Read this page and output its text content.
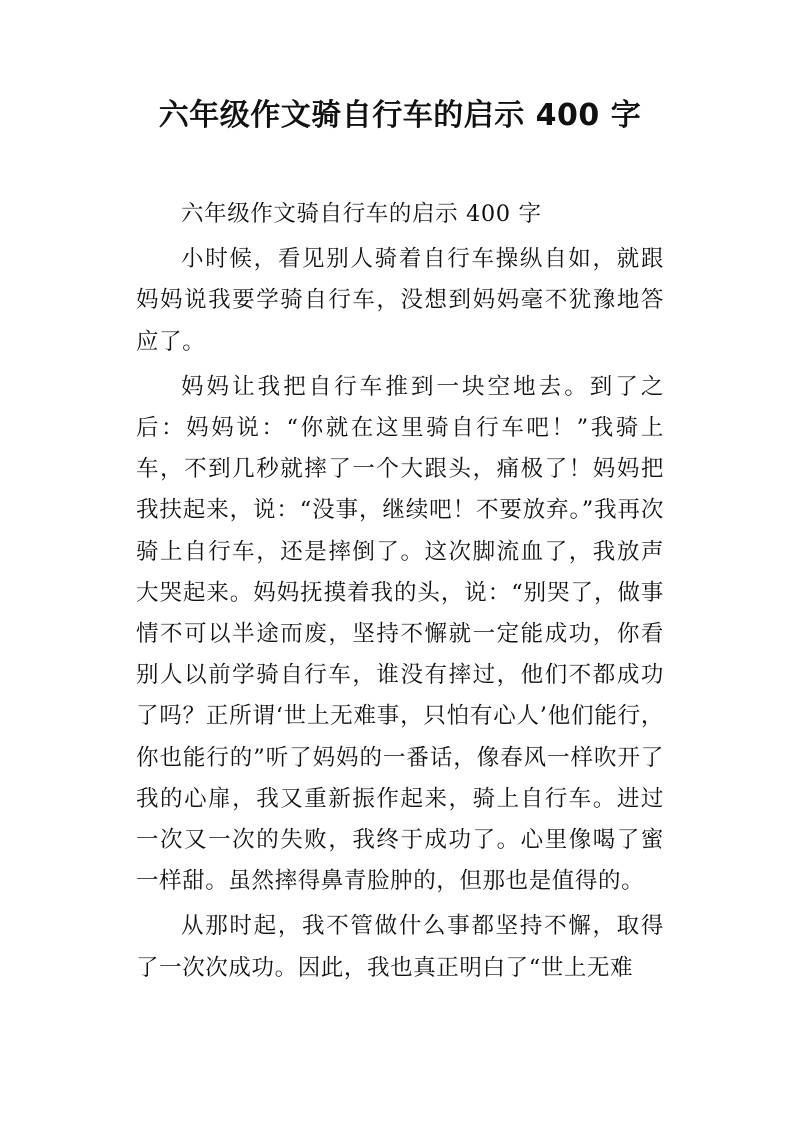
六年级作文骑自行车的启示 400 字

六年级作文骑自行车的启示 400 字

小时候，看见别人骑着自行车操纵自如，就跟妈妈说我要学骑自行车，没想到妈妈毫不犹豫地答应了。

妈妈让我把自行车推到一块空地去。到了之后：妈妈说：“你就在这里骑自行车吧！”我骑上车，不到几秒就摔了一个大跟头，痛极了！妈妈把我扶起来，说：“没事，继续吧！不要放弃。”我再次骑上自行车，还是摔倒了。这次脚流血了，我放声大哭起来。妈妈抚摸着我的头，说：“别哭了，做事情不可以半途而废，坚持不懈就一定能成功，你看别人以前学骑自行车，谁没有摔过，他们不都成功了吗？正所谓‘世上无难事，只怕有心人’他们能行，你也能行的”听了妈妈的一番话，像春风一样吹开了我的心扉，我又重新振作起来，骑上自行车。进过一次又一次的失败，我终于成功了。心里像喝了蜜一样甜。虽然摔得鼻青脸肿的，但那也是值得的。

从那时起，我不管做什么事都坚持不懈，取得了一次次成功。因此，我也真正明白了“世上无难
